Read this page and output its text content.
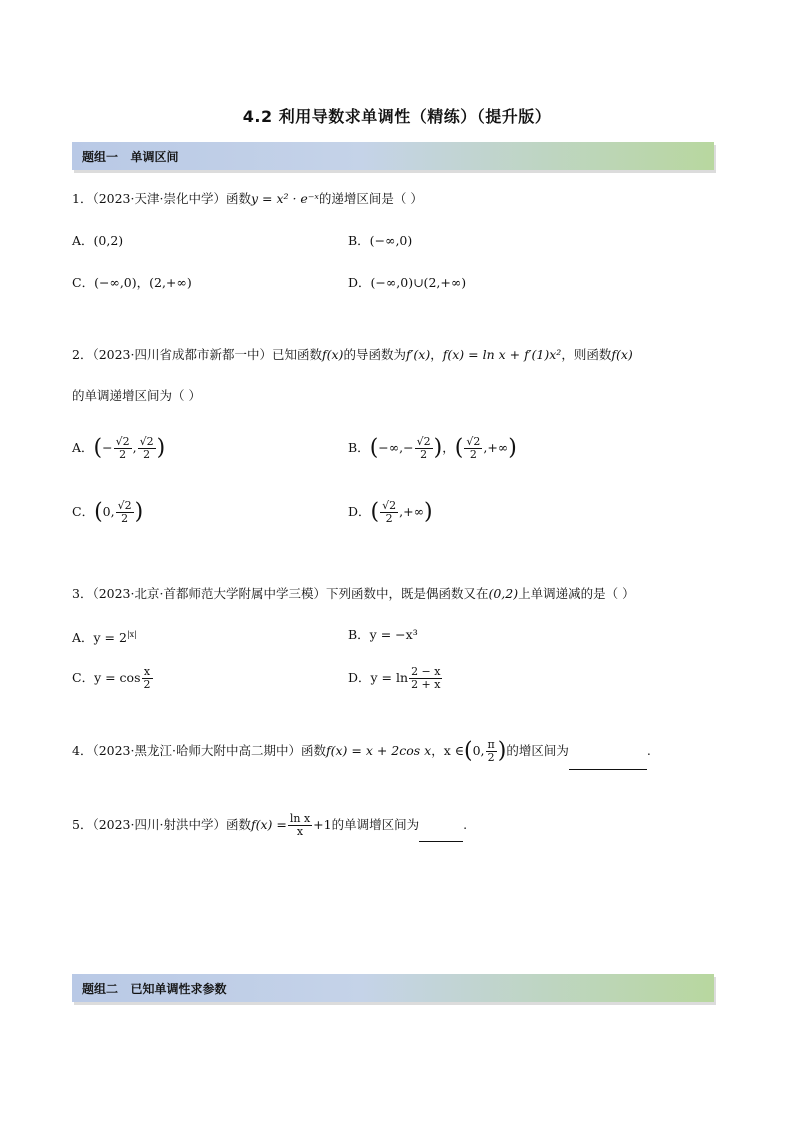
4.2 利用导数求单调性（精练）（提升版）
题组一   单调区间
1．（2023·天津·崇化中学）函数y = x² · e⁻ˣ的递增区间是（ ）
A．(0,2)	B．(−∞,0)
C．(−∞,0)，(2,+∞)	D．(−∞,0)∪(2,+∞)
2．（2023·四川省成都市新都一中）已知函数f(x)的导函数为f′(x)，f(x) = ln x + f′(1)x²，则函数f(x)
的单调递增区间为（ ）
A．(− $\frac{√2}{2}$ , $\frac{√2}{2}$ )	B．(−∞,− $\frac{√2}{2}$ )，( $\frac{√2}{2}$ ,+∞)
C．(0, $\frac{√2}{2}$ )	D．( $\frac{√2}{2}$ ,+∞)
3．（2023·北京·首都师范大学附属中学三模）下列函数中，既是偶函数又在(0,2)上单调递减的是（ ）
A．$y = 2^{|x|}$	B．y = −x³
C．$y = \cos \frac{x}{2}$	D．$y = \ln \frac{2 - x}{2 + x}$
4．（2023·黑龙江·哈师大附中高二期中）函数f(x) = x + 2cos x，x ∈(0, $\frac{\pi}{2}$ )的增区间为	.
5．（2023·四川·射洪中学）函数$f(x) = \frac{\text{ln x}}{x} +1$的单调增区间为	.
题组二   已知单调性求参数
